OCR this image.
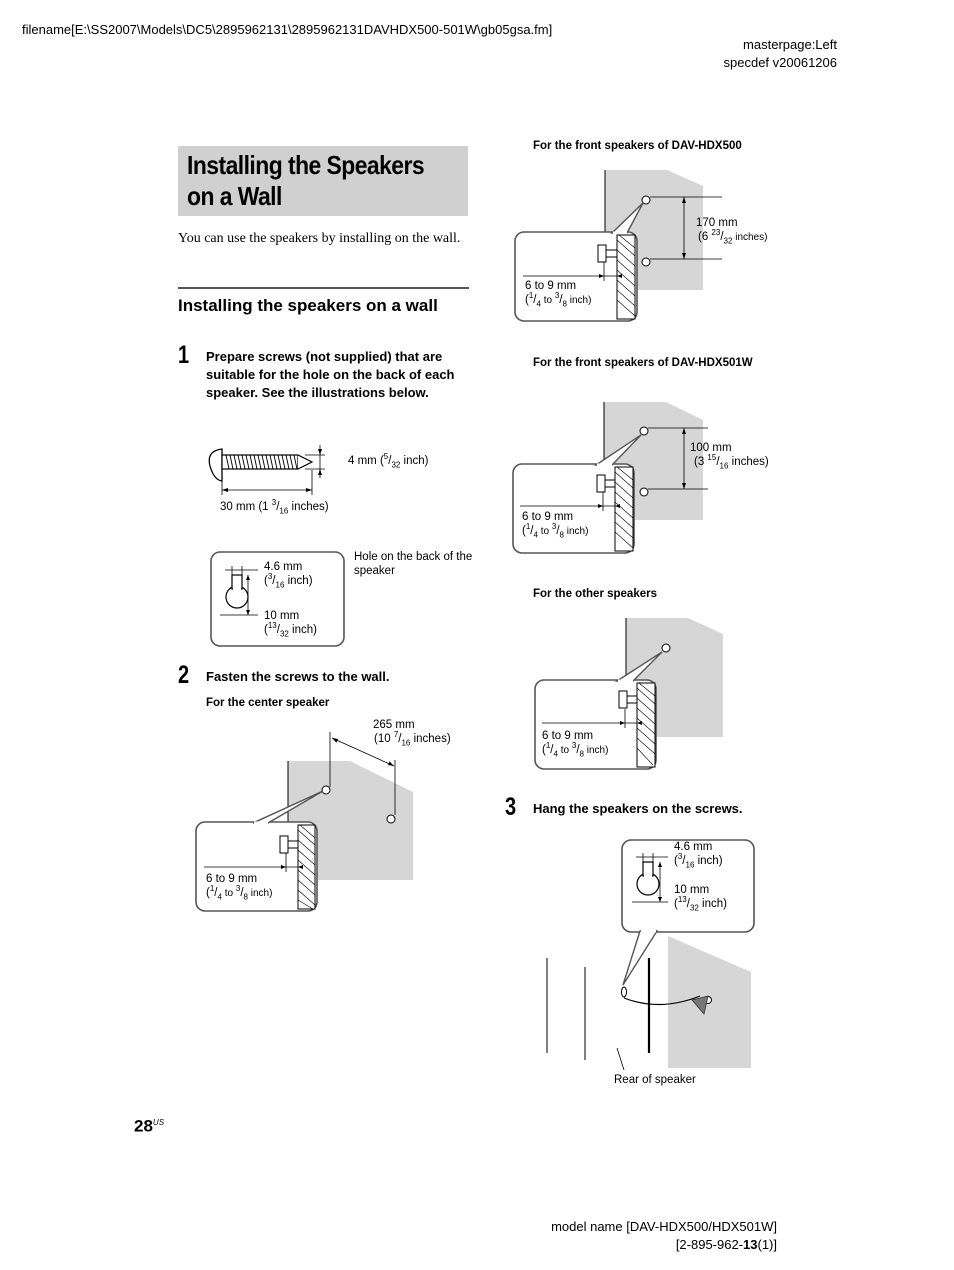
filename[E:\SS2007\Models\DC5\2895962131\2895962131DAVHDX500-501W\gb05gsa.fm]
masterpage:Left
specdef v20061206
Installing the Speakers on a Wall
You can use the speakers by installing on the wall.
Installing the speakers on a wall
1 Prepare screws (not supplied) that are suitable for the hole on the back of each speaker. See the illustrations below.
4 mm ($^5/_{32}$ inch)
30 mm (1 $^3/_{16}$ inches)
Hole on the back of the speaker
4.6 mm
($^3/_{16}$ inch)
10 mm
($^{13}/_{32}$ inch)
2 Fasten the screws to the wall.
For the center speaker
265 mm
(10 $^7/_{16}$ inches)
6 to 9 mm
($^1/_4$ to $^3/_8$ inch)
For the front speakers of DAV-HDX500
170 mm
(6 $^{23}/_{32}$ inches)
6 to 9 mm
($^1/_4$ to $^3/_8$ inch)
For the front speakers of DAV-HDX501W
100 mm
(3 $^{15}/_{16}$ inches)
6 to 9 mm
($^1/_4$ to $^3/_8$ inch)
For the other speakers
6 to 9 mm
($^1/_4$ to $^3/_8$ inch)
3 Hang the speakers on the screws.
4.6 mm
($^3/_{16}$ inch)
10 mm
($^{13}/_{32}$ inch)
Rear of speaker
$28^{US}$
model name [DAV-HDX500/HDX501W]
[2-895-962-13(1)]
